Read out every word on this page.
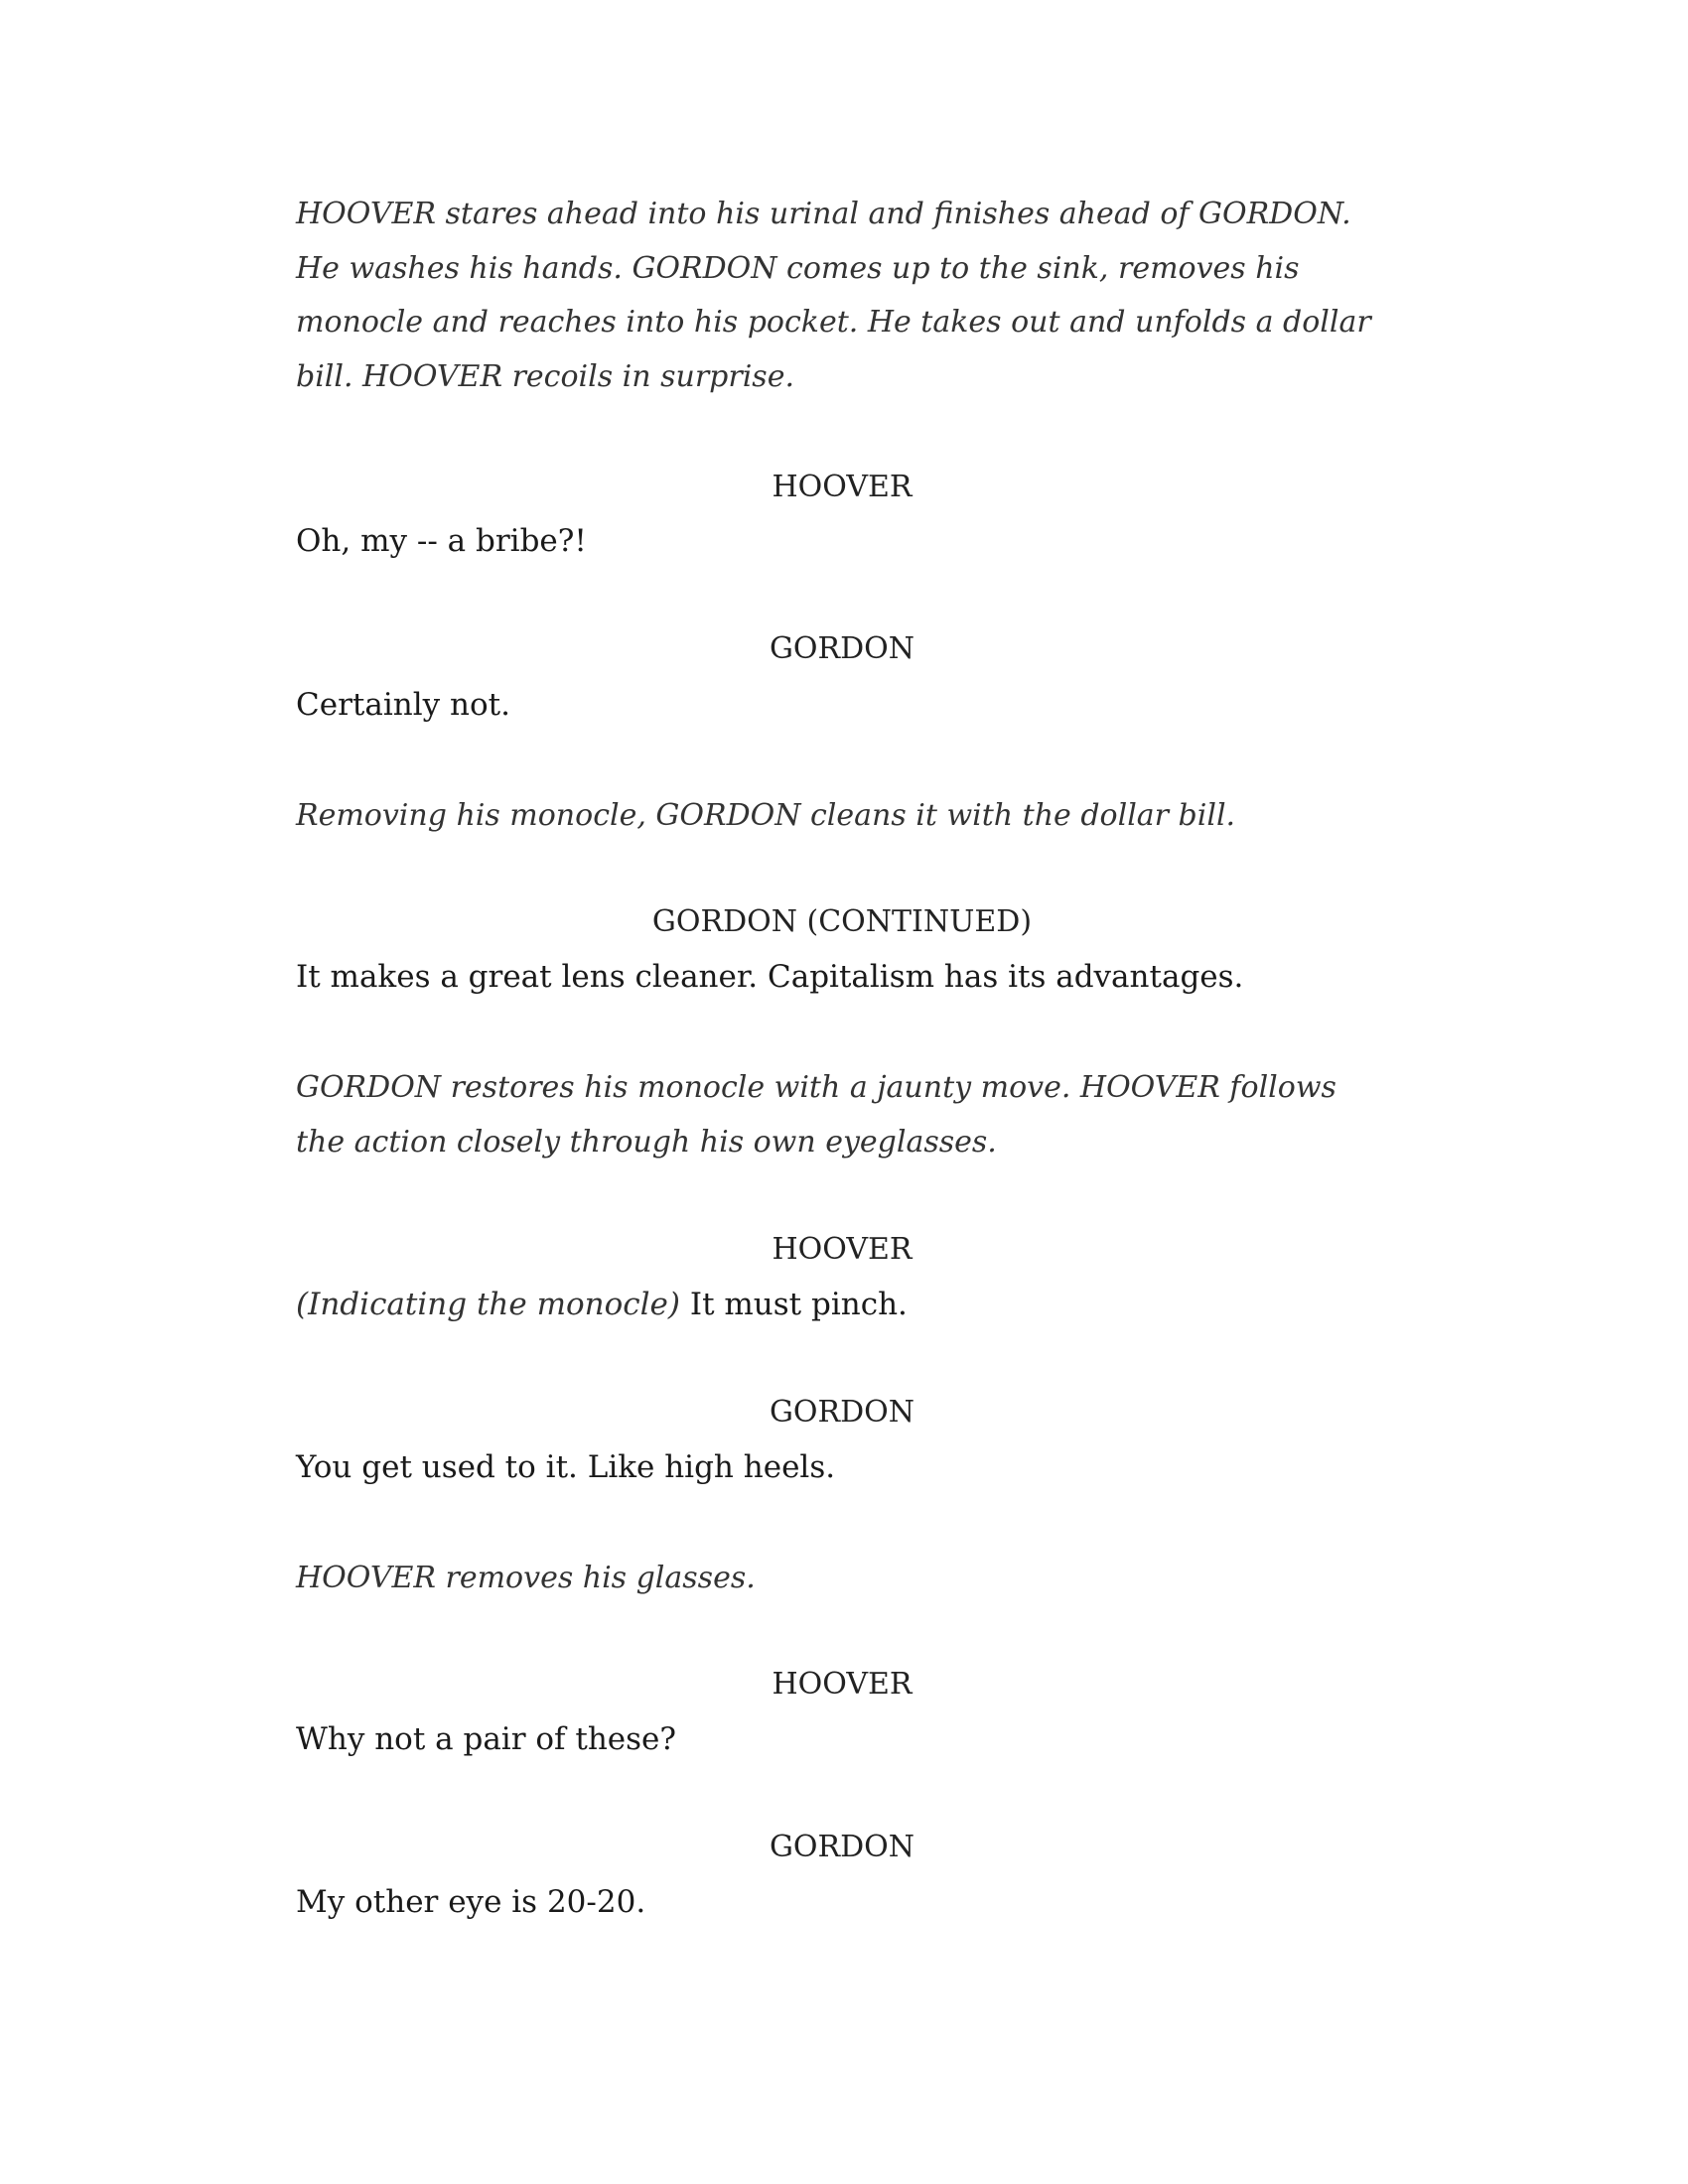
HOOVER stares ahead into his urinal and finishes ahead of GORDON. He washes his hands. GORDON comes up to the sink, removes his monocle and reaches into his pocket. He takes out and unfolds a dollar bill. HOOVER recoils in surprise.

HOOVER

Oh, my -- a bribe?!

GORDON

Certainly not.

Removing his monocle, GORDON cleans it with the dollar bill.

GORDON (CONTINUED)

It makes a great lens cleaner. Capitalism has its advantages.

GORDON restores his monocle with a jaunty move. HOOVER follows the action closely through his own eyeglasses.

HOOVER

(Indicating the monocle) It must pinch.

GORDON

You get used to it. Like high heels.

HOOVER removes his glasses.

HOOVER

Why not a pair of these?

GORDON

My other eye is 20-20.
